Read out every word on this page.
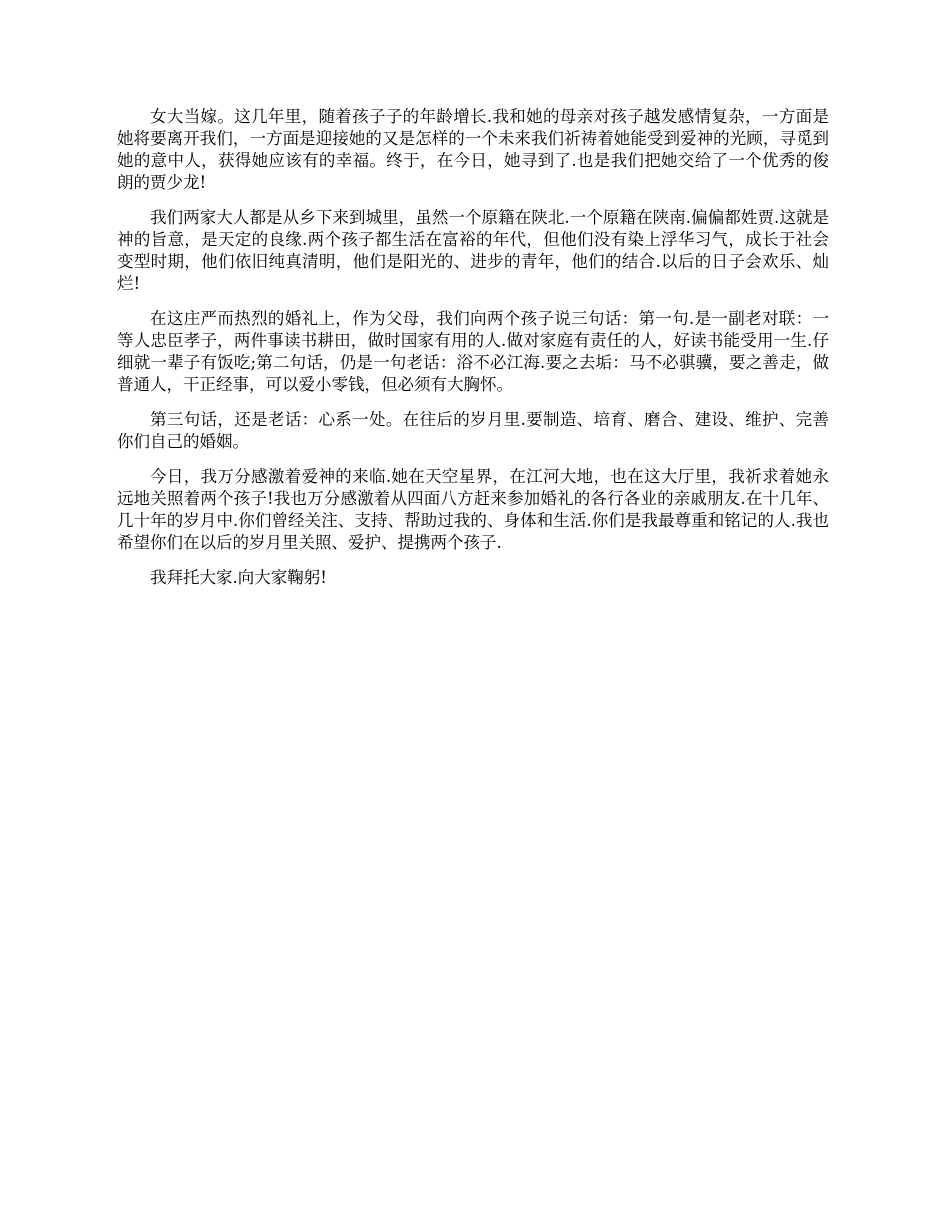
女大当嫁。这几年里，随着孩子子的年龄增长.我和她的母亲对孩子越发感情复杂，一方面是她将要离开我们，一方面是迎接她的又是怎样的一个未来我们祈祷着她能受到爱神的光顾，寻觅到她的意中人，获得她应该有的幸福。终于，在今日，她寻到了.也是我们把她交给了一个优秀的俊朗的贾少龙!

我们两家大人都是从乡下来到城里，虽然一个原籍在陕北.一个原籍在陕南.偏偏都姓贾.这就是神的旨意，是天定的良缘.两个孩子都生活在富裕的年代，但他们没有染上浮华习气，成长于社会变型时期，他们依旧纯真清明，他们是阳光的、进步的青年，他们的结合.以后的日子会欢乐、灿烂!

在这庄严而热烈的婚礼上，作为父母，我们向两个孩子说三句话：第一句.是一副老对联：一等人忠臣孝子，两件事读书耕田，做时国家有用的人.做对家庭有责任的人，好读书能受用一生.仔细就一辈子有饭吃;第二句话，仍是一句老话：浴不必江海.要之去垢：马不必骐骥，要之善走，做普通人，干正经事，可以爱小零钱，但必须有大胸怀。

第三句话，还是老话：心系一处。在往后的岁月里.要制造、培育、磨合、建设、维护、完善你们自己的婚姻。

今日，我万分感激着爱神的来临.她在天空星界，在江河大地，也在这大厅里，我祈求着她永远地关照着两个孩子!我也万分感激着从四面八方赶来参加婚礼的各行各业的亲戚朋友.在十几年、几十年的岁月中.你们曾经关注、支持、帮助过我的、身体和生活.你们是我最尊重和铭记的人.我也希望你们在以后的岁月里关照、爱护、提携两个孩子.

我拜托大家.向大家鞠躬!
